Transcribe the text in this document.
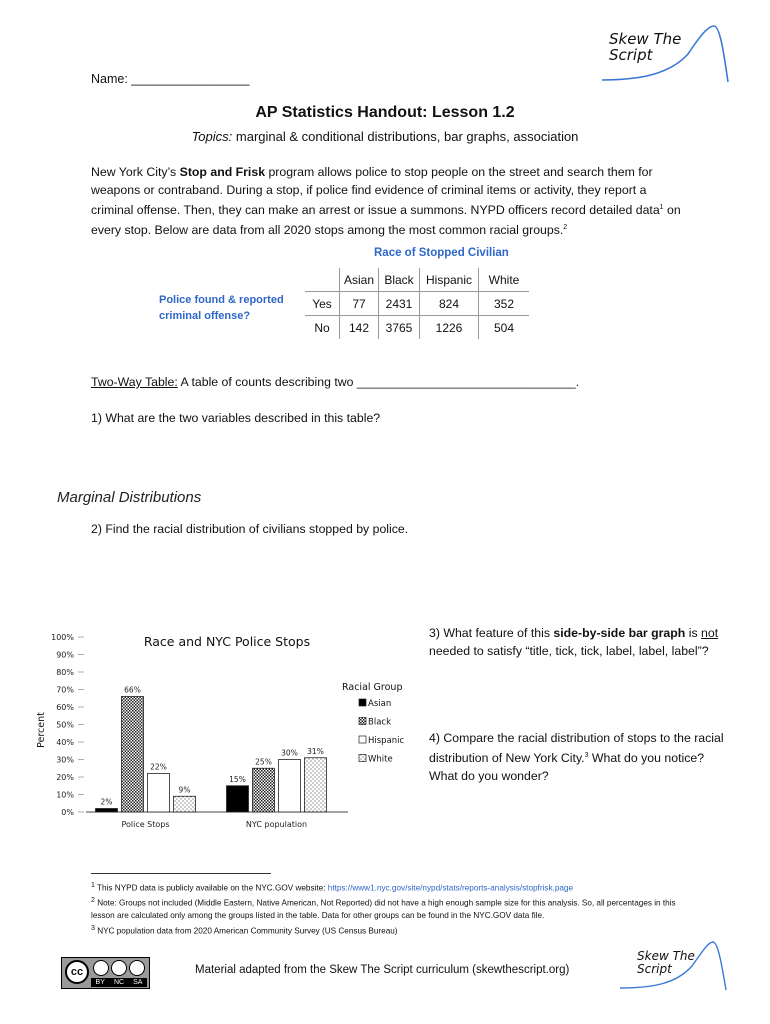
Skew The
Script
Name: _________________
AP Statistics Handout: Lesson 1.2
Topics: marginal & conditional distributions, bar graphs, association

New York City’s Stop and Frisk program allows police to stop people on the street and search them for weapons or contraband. During a stop, if police find evidence of criminal items or activity, they report a criminal offense. Then, they can make an arrest or issue a summons. NYPD officers record detailed data$^1$ on every stop. Below are data from all 2020 stops among the most common racial groups.$^2$

Race of Stopped Civilian
Police found & reported
criminal offense?
	Asian	Black	Hispanic	White
Yes	77	2431	824	352
No	142	3765	1226	504
Two-Way Table: A table of counts describing two ________________________________.
1) What are the two variables described in this table?
Marginal Distributions
2) Find the racial distribution of civilians stopped by police.
Race and NYC Police Stops
Percent
0%
10%
20%
30%
40%
50%
60%
70%
80%
90%
100%
2%
66%
22%
9%
Police Stops
15%
25%
30% 31%
NYC population
Racial Group
Asian
Black
Hispanic
White
3) What feature of this side-by-side bar graph is not needed to satisfy “title, tick, tick, label, label, label”?
4) Compare the racial distribution of stops to the racial distribution of New York City.$^3$ What do you notice? What do you wonder?
$^1$ This NYPD data is publicly available on the NYC.GOV website: https://www1.nyc.gov/site/nypd/stats/reports-analysis/stopfrisk.page
$^2$ Note: Groups not included (Middle Eastern, Native American, Not Reported) did not have a high enough sample size for this analysis. So, all percentages in this lesson are calculated only among the groups listed in the table. Data for other groups can be found in the NYC.GOV data file.
$^3$ NYC population data from 2020 American Community Survey (US Census Bureau)
cc
BY NC SA
Material adapted from the Skew The Script curriculum (skewthescript.org)
Skew The
Script
